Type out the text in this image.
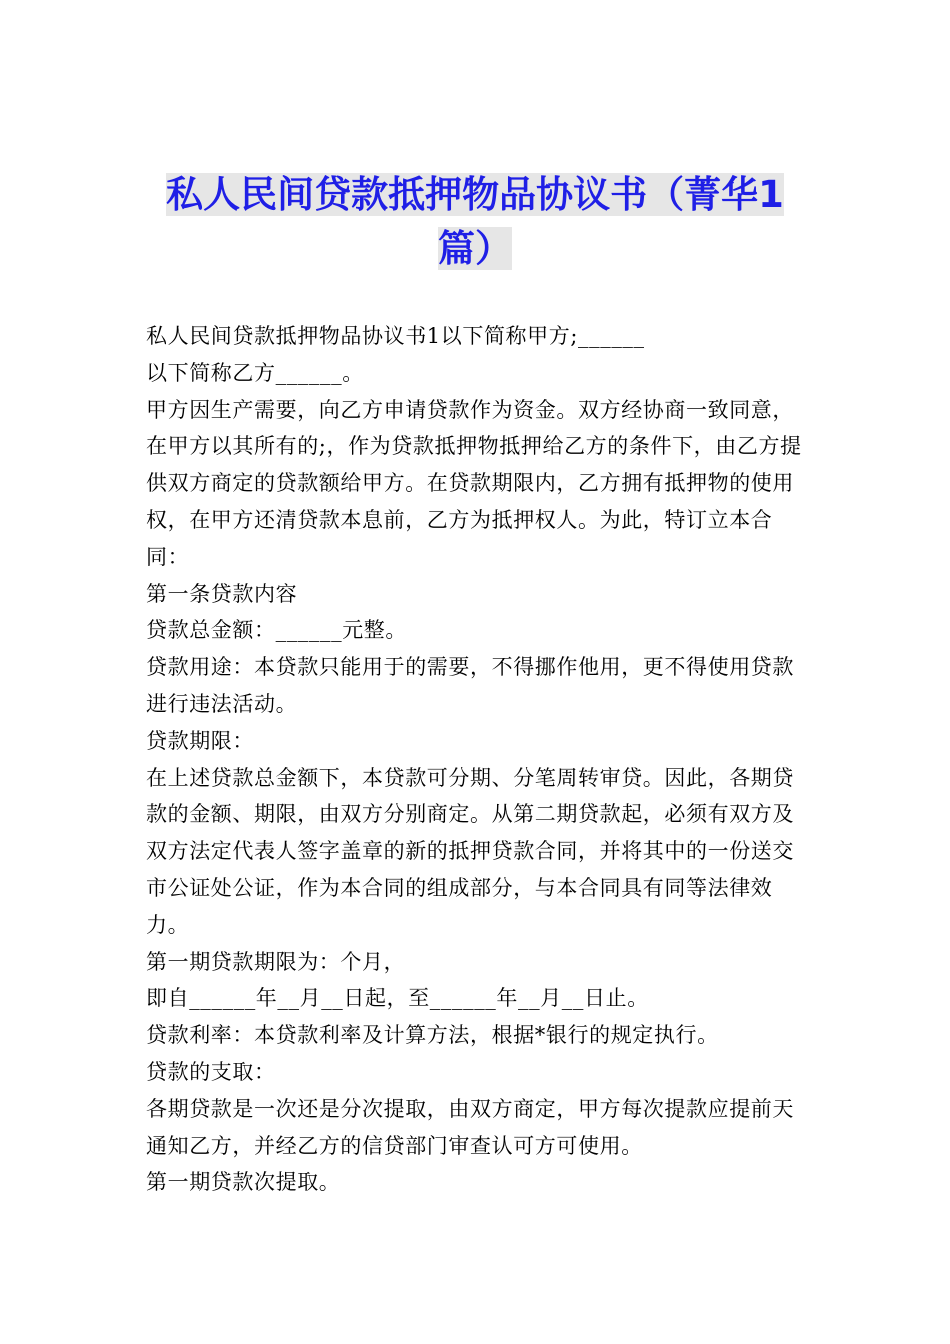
私人民间贷款抵押物品协议书（菁华1篇）

私人民间贷款抵押物品协议书1以下简称甲方;______

以下简称乙方______。

甲方因生产需要，向乙方申请贷款作为资金。双方经协商一致同意，在甲方以其所有的;，作为贷款抵押物抵押给乙方的条件下，由乙方提供双方商定的贷款额给甲方。在贷款期限内，乙方拥有抵押物的使用权，在甲方还清贷款本息前，乙方为抵押权人。为此，特订立本合同：

第一条贷款内容

贷款总金额：______元整。

贷款用途：本贷款只能用于的需要，不得挪作他用，更不得使用贷款进行违法活动。

贷款期限：

在上述贷款总金额下，本贷款可分期、分笔周转审贷。因此，各期贷款的金额、期限，由双方分别商定。从第二期贷款起，必须有双方及双方法定代表人签字盖章的新的抵押贷款合同，并将其中的一份送交市公证处公证，作为本合同的组成部分，与本合同具有同等法律效力。

第一期贷款期限为：个月，

即自______年__月__日起，至______年__月__日止。

贷款利率：本贷款利率及计算方法，根据*银行的规定执行。

贷款的支取：

各期贷款是一次还是分次提取，由双方商定，甲方每次提款应提前天通知乙方，并经乙方的信贷部门审查认可方可使用。

第一期贷款次提取。
